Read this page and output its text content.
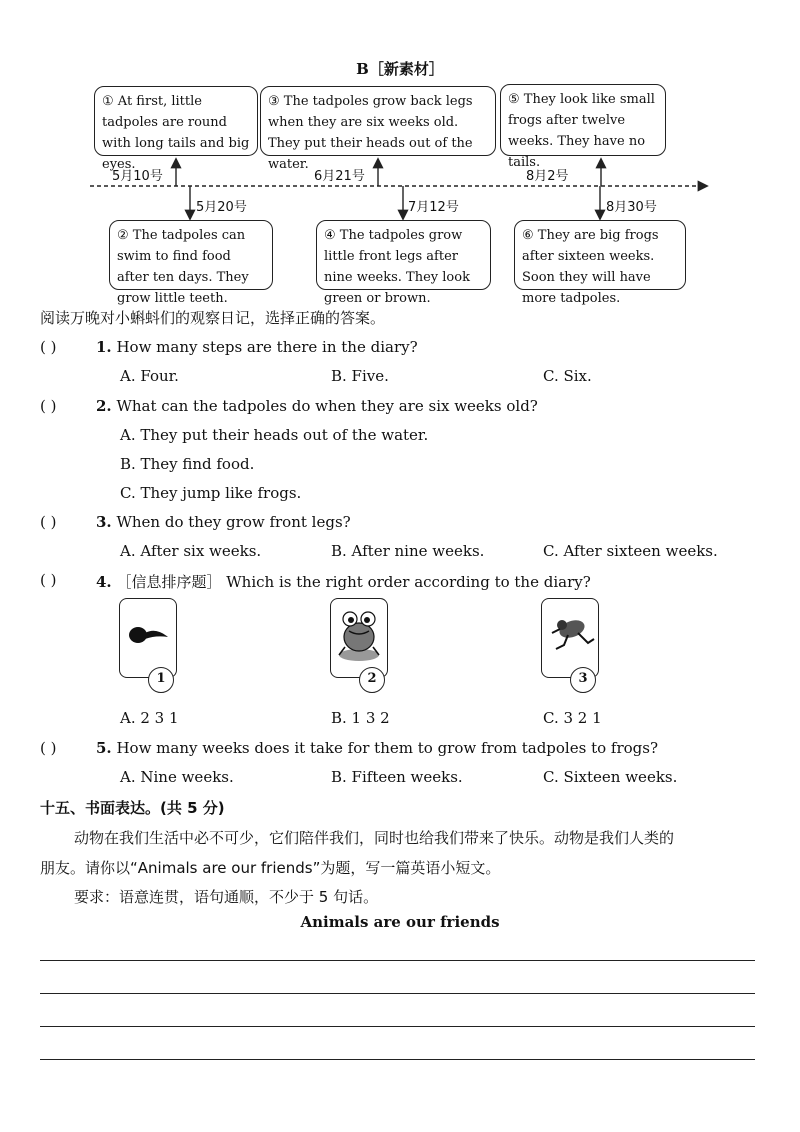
B［新素材］
① At first, little tadpoles are round with long tails and big eyes.
③ The tadpoles grow back legs when they are six weeks old. They put their heads out of the water.
⑤ They look like small frogs after twelve weeks. They have no tails.
② The tadpoles can swim to find food after ten days. They grow little teeth.
④ The tadpoles grow little front legs after nine weeks. They look green or brown.
⑥ They are big frogs after sixteen weeks. Soon they will have more tadpoles.
5月10号	6月21号	8月2号
5月20号	7月12号	8月30号
阅读万晚对小蝌蚪们的观察日记，选择正确的答案。
( )	1. How many steps are there in the diary?
A. Four.	B. Five.	C. Six.
( )	2. What can the tadpoles do when they are six weeks old?
A. They put their heads out of the water.
B. They find food.
C. They jump like frogs.
( )	3. When do they grow front legs?
A. After six weeks.	B. After nine weeks.	C. After sixteen weeks.
( )	4. ［信息排序题］ Which is the right order according to the diary?
1	2	3
A. 2 3 1	B. 1 3 2	C. 3 2 1
( )	5. How many weeks does it take for them to grow from tadpoles to frogs?
A. Nine weeks.	B. Fifteen weeks.	C. Sixteen weeks.
十五、书面表达。(共 5 分)
动物在我们生活中必不可少，它们陪伴我们，同时也给我们带来了快乐。动物是我们人类的
朋友。请你以“Animals are our friends”为题，写一篇英语小短文。
要求：语意连贯，语句通顺，不少于 5 句话。
Animals are our friends
